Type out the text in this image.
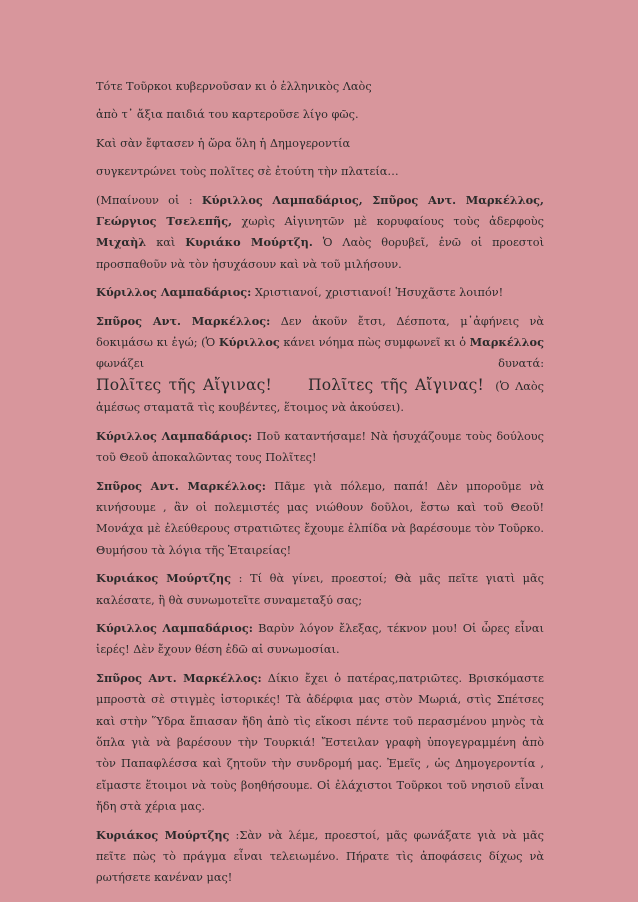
Τότε Τοῦρκοι κυβερνοῦσαν κι ὁ ἑλληνικὸς Λαὸς

ἀπὸ τ᾽ ἄξια παιδιά του καρτεροῦσε λίγο φῶς.

Καὶ σὰν ἔφτασεν ἡ ὥρα ὅλη ἡ Δημογεροντία

συγκεντρώνει τοὺς πολῖτες σὲ ἐτούτη τὴν πλατεία…

(Μπαίνουν οἱ : Κύριλλος Λαμπαδάριος, Σπῦρος Αντ. Μαρκέλλος, Γεώργιος Τσελεπῆς, χωρὶς Αἰγινητῶν μὲ κορυφαίους τοὺς ἀδερφοὺς Μιχαὴλ καὶ Κυριάκο Μούρτζη. Ὁ Λαὸς θορυβεῖ, ἐνῶ οἱ προεστοὶ προσπαθοῦν νὰ τὸν ἡσυχάσουν καὶ νὰ τοῦ μιλήσουν.

Κύριλλος Λαμπαδάριος: Χριστιανοί, χριστιανοί! Ἡσυχᾶστε λοιπόν!

Σπῦρος Αντ. Μαρκέλλος: Δεν ἀκοῦν ἔτσι, Δέσποτα, μ᾽ἀφήνεις νὰ δοκιμάσω κι ἐγώ; (Ὁ Κύριλλος κάνει νόημα πὼς συμφωνεῖ κι ὁ Μαρκέλλος φωνάζει δυνατά: Πολῖτες τῆς Αἴγινας!     Πολῖτες τῆς Αἴγινας!  (Ὁ Λαὸς ἀμέσως σταματᾶ τὶς κουβέντες, ἕτοιμος νὰ ἀκούσει).

Κύριλλος Λαμπαδάριος: Ποῦ καταντήσαμε! Νὰ ἡσυχάζουμε τοὺς δούλους τοῦ Θεοῦ ἀποκαλῶντας τους Πολῖτες!

Σπῦρος Αντ. Μαρκέλλος: Πᾶμε γιὰ πόλεμο, παπά! Δὲν μποροῦμε νὰ κινήσουμε , ἂν οἱ πολεμιστές μας νιώθουν δοῦλοι, ἔστω καὶ τοῦ Θεοῦ! Μονάχα μὲ ἐλεύθερους στρατιῶτες ἔχουμε ἐλπίδα νὰ βαρέσουμε τὸν Τοῦρκο. Θυμήσου τὰ λόγια τῆς Ἑταιρείας!

Κυριάκος Μούρτζης : Τί θὰ γίνει, προεστοί; Θὰ μᾶς πεῖτε γιατὶ μᾶς καλέσατε, ἢ θὰ συνωμοτεῖτε συναμεταξύ σας;

Κύριλλος Λαμπαδάριος: Βαρὺν λόγον ἔλεξας, τέκνον μου! Οἱ ὧρες εἶναι ἱερές! Δὲν ἔχουν θέση ἐδῶ αἱ συνωμοσίαι.

Σπῦρος Αντ. Μαρκέλλος: Δίκιο ἔχει ὁ πατέρας,πατριῶτες. Βρισκόμαστε μπροστὰ σὲ στιγμὲς ἱστορικές! Τὰ ἀδέρφια μας στὸν Μωριά, στὶς Σπέτσες καὶ στὴν Ὕδρα ἔπιασαν ἤδη ἀπὸ τὶς εἴκοσι πέντε τοῦ περασμένου μηνὸς τὰ ὅπλα γιὰ νὰ βαρέσουν τὴν Τουρκιά! Ἔστειλαν γραφὴ ὑπογεγραμμένη ἀπὸ τὸν Παπαφλέσσα καὶ ζητοῦν τὴν συνδρομή μας. Ἐμεῖς , ὡς Δημογεροντία , εἴμαστε ἕτοιμοι νὰ τοὺς βοηθήσουμε. Οἱ ἐλάχιστοι Τοῦρκοι τοῦ νησιοῦ εἶναι ἤδη στὰ χέρια μας.

Κυριάκος Μούρτζης :Σὰν νὰ λέμε, προεστοί, μᾶς φωνάξατε γιὰ νὰ μᾶς πεῖτε πὼς τὸ πράγμα εἶναι τελειωμένο. Πήρατε τὶς ἀποφάσεις δίχως νὰ ρωτήσετε κανέναν μας!
